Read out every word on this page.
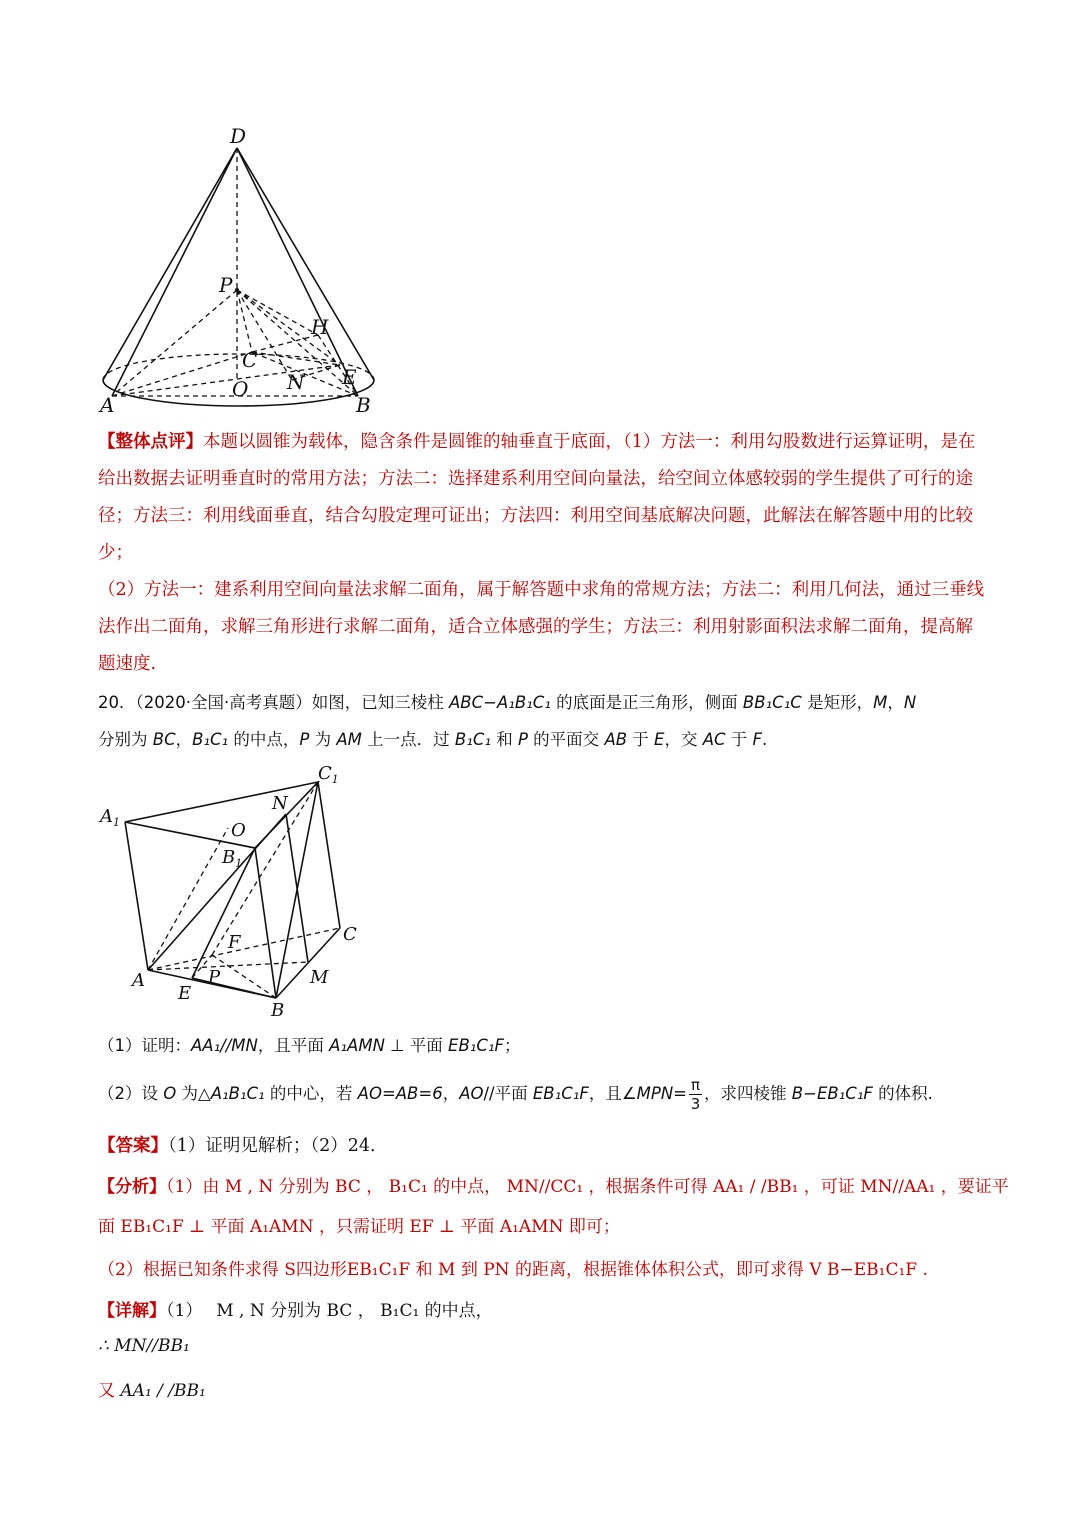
D
P
H
C
O N E
A	B

【整体点评】本题以圆锥为载体，隐含条件是圆锥的轴垂直于底面，（1）方法一：利用勾股数进行运算证明，是在给出数据去证明垂直时的常用方法；方法二：选择建系利用空间向量法，给空间立体感较弱的学生提供了可行的途径；方法三：利用线面垂直，结合勾股定理可证出；方法四：利用空间基底解决问题，此解法在解答题中用的比较少；

（2）方法一：建系利用空间向量法求解二面角，属于解答题中求角的常规方法；方法二：利用几何法，通过三垂线法作出二面角，求解三角形进行求解二面角，适合立体感强的学生；方法三：利用射影面积法求解二面角，提高解题速度.

20．（2020·全国·高考真题）如图，已知三棱柱 ABC−A₁B₁C₁ 的底面是正三角形，侧面 BB₁C₁C 是矩形，M，N
分别为 BC，B₁C₁ 的中点，P 为 AM 上一点．过 B₁C₁ 和 P 的平面交 AB 于 E，交 AC 于 F.

$C_1$
$A_1$
N
O
$B_1$
F	C
A	P	M
E
B

（1）证明：AA₁//MN，且平面 A₁AMN ⊥ 平面 EB₁C₁F；

（2）设 O 为△A₁B₁C₁ 的中心，若 AO=AB=6，AO//平面 EB₁C₁F，且∠MPN= $\frac{\pi}{3}$ ，求四棱锥 B−EB₁C₁F 的体积.

【答案】（1）证明见解析；（2）24．

【分析】（1）由 M , N 分别为 BC ， B₁C₁ 的中点， MN//CC₁ ，根据条件可得 AA₁ / /BB₁ ，可证 MN//AA₁ ，要证平

面 EB₁C₁F ⊥ 平面 A₁AMN ，只需证明 EF ⊥ 平面 A₁AMN 即可；

（2）根据已知条件求得 S四边形EB₁C₁F 和 M 到 PN 的距离，根据锥体体积公式，即可求得 V B−EB₁C₁F .

【详解】（1）　 M , N 分别为 BC ， B₁C₁ 的中点，

∴ MN//BB₁

又 AA₁ / /BB₁
